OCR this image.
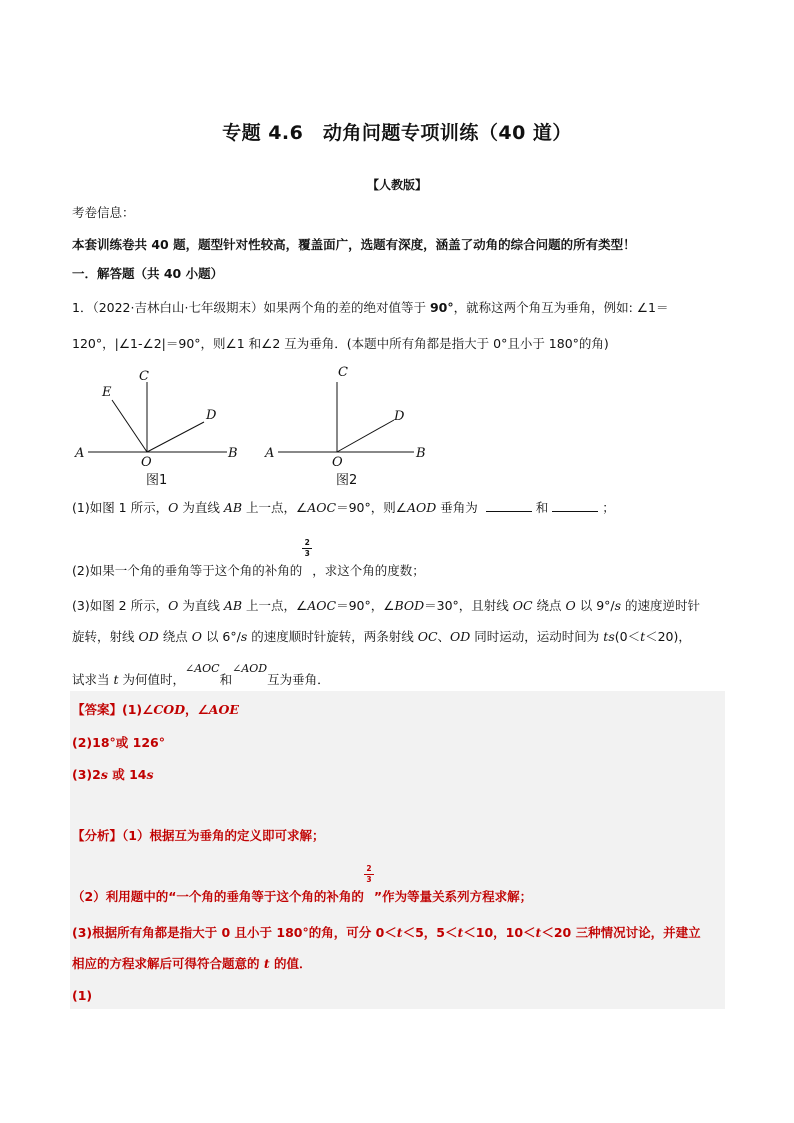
专题 4.6　动角问题专项训练（40 道）
【人教版】
考卷信息：
本套训练卷共 40 题，题型针对性较高，覆盖面广，选题有深度，涵盖了动角的综合问题的所有类型！
一．解答题（共 40 小题）
1．（2022·吉林白山·七年级期末）如果两个角的差的绝对值等于 90°，就称这两个角互为垂角，例如: ∠1＝
120°，|∠1-∠2|＝90°，则∠1 和∠2 互为垂角．(本题中所有角都是指大于 0°且小于 180°的角)
A	B
O
C
E
D
图1
A	B
O
C
D
图2
(1)如图 1 所示，O 为直线 AB 上一点，∠AOC＝90°，则∠AOD 垂角为	和	；
(2)如果一个角的垂角等于这个角的补角的
2
3
，求这个角的度数；
(3)如图 2 所示，O 为直线 AB 上一点，∠AOC＝90°，∠BOD＝30°，且射线 OC 绕点 O 以 9°/s 的速度逆时针
旋转，射线 OD 绕点 O 以 6°/s 的速度顺时针旋转，两条射线 OC、OD 同时运动，运动时间为 ts(0＜t＜20)，
试求当 t 为何值时，∠AOC和∠AOD互为垂角．
【答案】(1)∠COD，∠AOE
(2)18°或 126°
(3)2s 或 14s
【分析】（1）根据互为垂角的定义即可求解；
（2）利用题中的“一个角的垂角等于这个角的补角的
2
3
”作为等量关系列方程求解；
(3)根据所有角都是指大于 0 且小于 180°的角，可分 0＜t＜5，5＜t＜10，10＜t＜20 三种情况讨论，并建立
相应的方程求解后可得符合题意的 t 的值．
(1)
